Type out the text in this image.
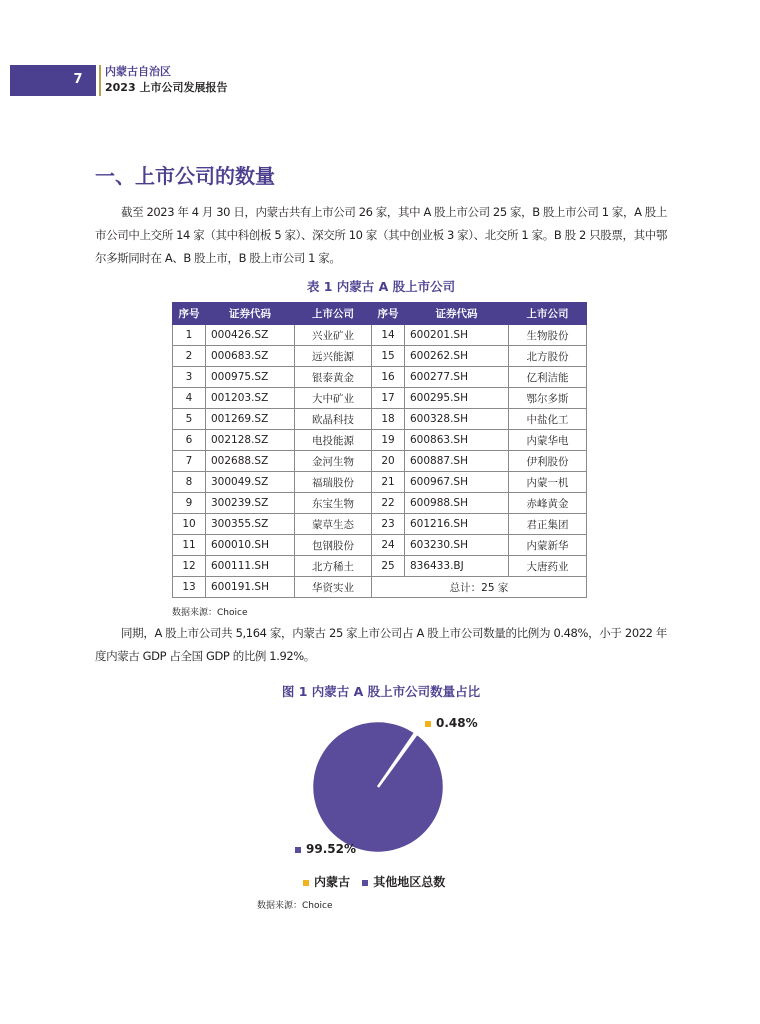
7
内蒙古自治区
2023 上市公司发展报告
一、上市公司的数量

截至 2023 年 4 月 30 日，内蒙古共有上市公司 26 家，其中 A 股上市公司 25 家，B 股上市公司 1 家，A 股上市公司中上交所 14 家（其中科创板 5 家）、深交所 10 家（其中创业板 3 家）、北交所 1 家。B 股 2 只股票，其中鄂尔多斯同时在 A、B 股上市，B 股上市公司 1 家。

表 1 内蒙古 A 股上市公司
序号	证券代码	上市公司	序号	证券代码	上市公司
1	000426.SZ	兴业矿业	14	600201.SH	生物股份
2	000683.SZ	远兴能源	15	600262.SH	北方股份
3	000975.SZ	银泰黄金	16	600277.SH	亿利洁能
4	001203.SZ	大中矿业	17	600295.SH	鄂尔多斯
5	001269.SZ	欧晶科技	18	600328.SH	中盐化工
6	002128.SZ	电投能源	19	600863.SH	内蒙华电
7	002688.SZ	金河生物	20	600887.SH	伊利股份
8	300049.SZ	福瑞股份	21	600967.SH	内蒙一机
9	300239.SZ	东宝生物	22	600988.SH	赤峰黄金
10	300355.SZ	蒙草生态	23	601216.SH	君正集团
11	600010.SH	包钢股份	24	603230.SH	内蒙新华
12	600111.SH	北方稀土	25	836433.BJ	大唐药业
13	600191.SH	华资实业	总计：25 家		
数据来源：Choice

同期，A 股上市公司共 5,164 家，内蒙古 25 家上市公司占 A 股上市公司数量的比例为 0.48%，小于 2022 年度内蒙古 GDP 占全国 GDP 的比例 1.92%。

图 1 内蒙古 A 股上市公司数量占比
0.48%
99.52%
内蒙古 其他地区总数
数据来源：Choice
